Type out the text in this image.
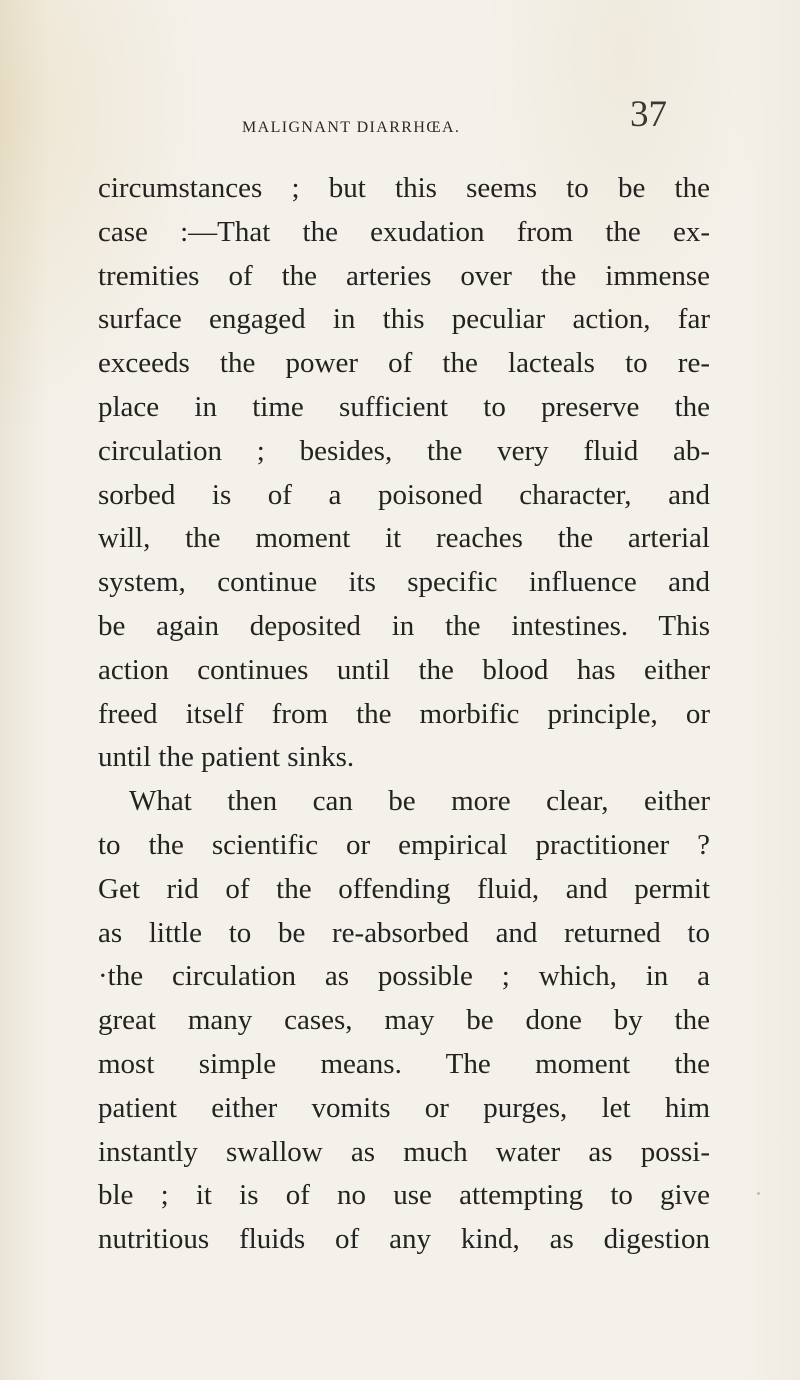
MALIGNANT DIARRHŒA.	37
circumstances ; but this seems to be the
case :—That the exudation from the ex-
tremities of the arteries over the immense
surface engaged in this peculiar action, far
exceeds the power of the lacteals to re-
place in time sufficient to preserve the
circulation ; besides, the very fluid ab-
sorbed is of a poisoned character, and
will, the moment it reaches the arterial
system, continue its specific influence and
be again deposited in the intestines. This
action continues until the blood has either
freed itself from the morbific principle, or
until the patient sinks.
What then can be more clear, either
to the scientific or empirical practitioner ?
Get rid of the offending fluid, and permit
as little to be re-absorbed and returned to
·the circulation as possible ; which, in a
great many cases, may be done by the
most simple means. The moment the
patient either vomits or purges, let him
instantly swallow as much water as possi-
ble ; it is of no use attempting to give
nutritious fluids of any kind, as digestion
